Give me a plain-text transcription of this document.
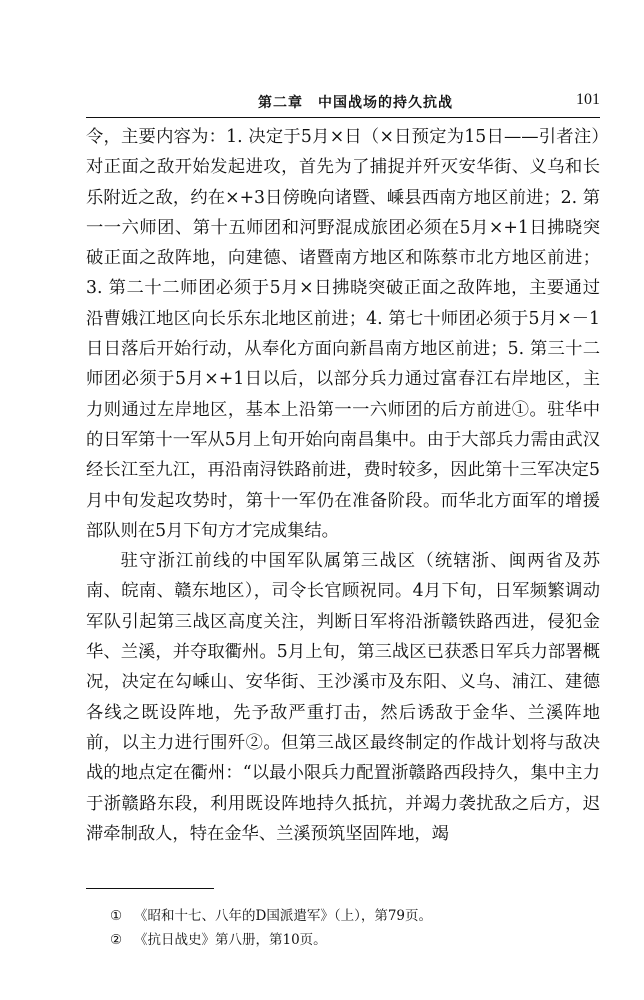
第二章　中国战场的持久抗战	101

令，主要内容为：1. 决定于5月×日（×日预定为15日——引者注）对正面之敌开始发起进攻，首先为了捕捉并歼灭安华街、义乌和长乐附近之敌，约在×+3日傍晚向诸暨、嵊县西南方地区前进；2. 第一一六师团、第十五师团和河野混成旅团必须在5月×+1日拂晓突破正面之敌阵地，向建德、诸暨南方地区和陈蔡市北方地区前进；3. 第二十二师团必须于5月×日拂晓突破正面之敌阵地，主要通过沿曹娥江地区向长乐东北地区前进；4. 第七十师团必须于5月×－1日日落后开始行动，从奉化方面向新昌南方地区前进；5. 第三十二师团必须于5月×+1日以后，以部分兵力通过富春江右岸地区，主力则通过左岸地区，基本上沿第一一六师团的后方前进①。驻华中的日军第十一军从5月上旬开始向南昌集中。由于大部兵力需由武汉经长江至九江，再沿南浔铁路前进，费时较多，因此第十三军决定5月中旬发起攻势时，第十一军仍在准备阶段。而华北方面军的增援部队则在5月下旬方才完成集结。

驻守浙江前线的中国军队属第三战区（统辖浙、闽两省及苏南、皖南、赣东地区），司令长官顾祝同。4月下旬，日军频繁调动军队引起第三战区高度关注，判断日军将沿浙赣铁路西进，侵犯金华、兰溪，并夺取衢州。5月上旬，第三战区已获悉日军兵力部署概况，决定在勾嵊山、安华街、王沙溪市及东阳、义乌、浦江、建德各线之既设阵地，先予敌严重打击，然后诱敌于金华、兰溪阵地前，以主力进行围歼②。但第三战区最终制定的作战计划将与敌决战的地点定在衢州：“以最小限兵力配置浙赣路西段持久，集中主力于浙赣路东段，利用既设阵地持久抵抗，并竭力袭扰敌之后方，迟滞牵制敌人，特在金华、兰溪预筑坚固阵地，竭

① 《昭和十七、八年的D国派遣军》（上），第79页。
② 《抗日战史》第八册，第10页。
